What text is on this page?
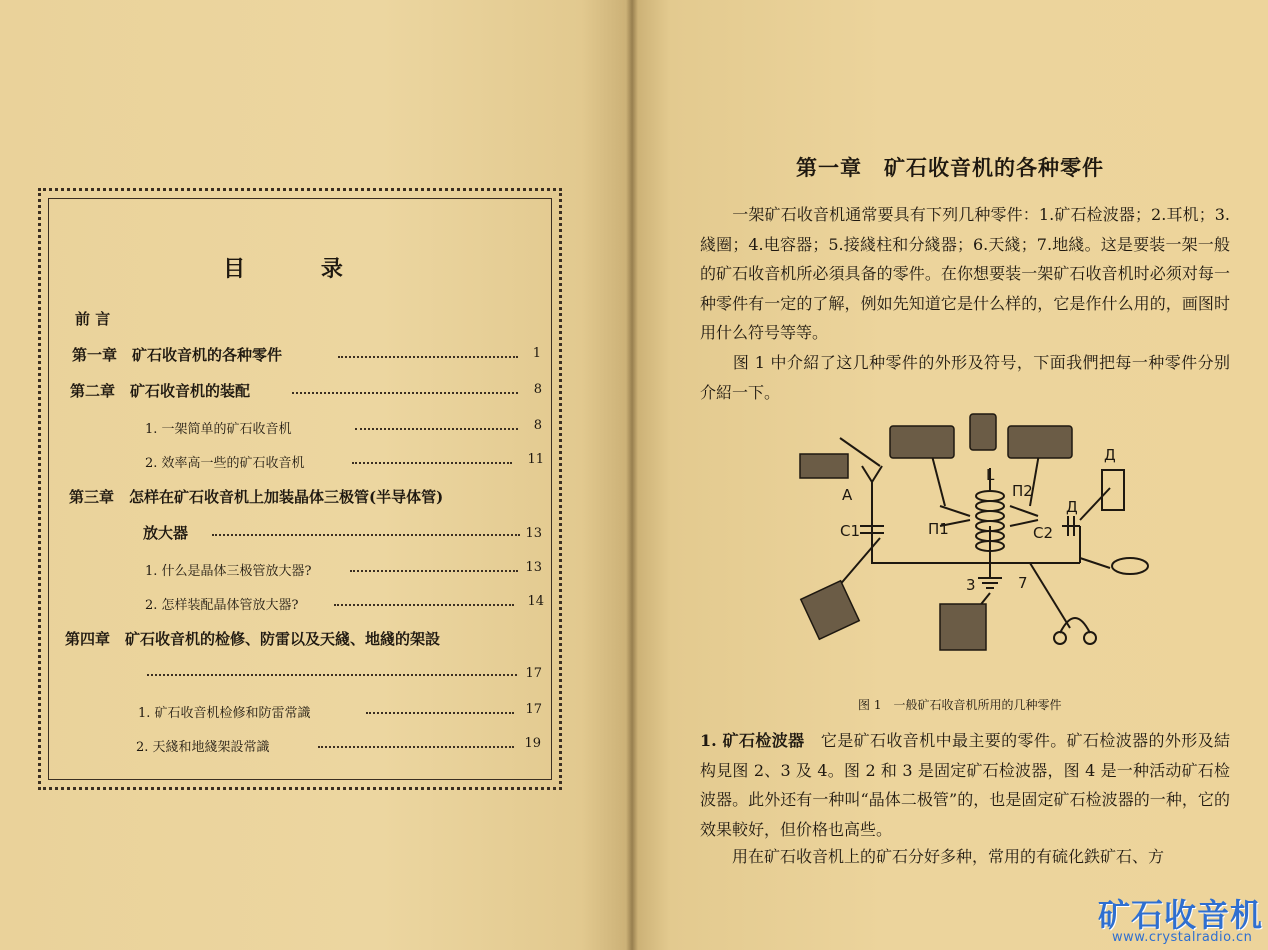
目 录
前 言
第一章　矿石收音机的各种零件	1
第二章　矿石收音机的装配	8
1. 一架简单的矿石收音机	8
2. 效率高一些的矿石收音机	11
第三章　怎样在矿石收音机上加装晶体三极管(半导体管)
放大器	13
1. 什么是晶体三极管放大器?	13
2. 怎样装配晶体管放大器?	14
第四章　矿石收音机的检修、防雷以及天綫、地綫的架設
17
1. 矿石收音机检修和防雷常識	17
2. 天綫和地綫架設常識	19
第一章　矿石收音机的各种零件
　　一架矿石收音机通常要具有下列几种零件：1.矿石检波器；2.耳机；3.綫圈；4.电容器；5.接綫柱和分綫器；6.天綫；7.地綫。这是要装一架一般的矿石收音机所必須具备的零件。在你想要装一架矿石收音机时必须对每一种零件有一定的了解，例如先知道它是什么样的，它是作什么用的，画图时用什么符号等等。
　　图 1 中介紹了这几种零件的外形及符号，下面我們把每一种零件分别介紹一下。
A
C1
L
П1
П2
C2
Д
Д
3	7
图 1　一般矿石收音机所用的几种零件
1. 矿石检波器　它是矿石收音机中最主要的零件。矿石检波器的外形及結构見图 2、3 及 4。图 2 和 3 是固定矿石检波器，图 4 是一种活动矿石检波器。此外还有一种叫“晶体二极管”的，也是固定矿石检波器的一种，它的效果較好，但价格也高些。
　　用在矿石收音机上的矿石分好多种，常用的有硫化鉄矿石、方
矿石收音机
www.crystalradio.cn
